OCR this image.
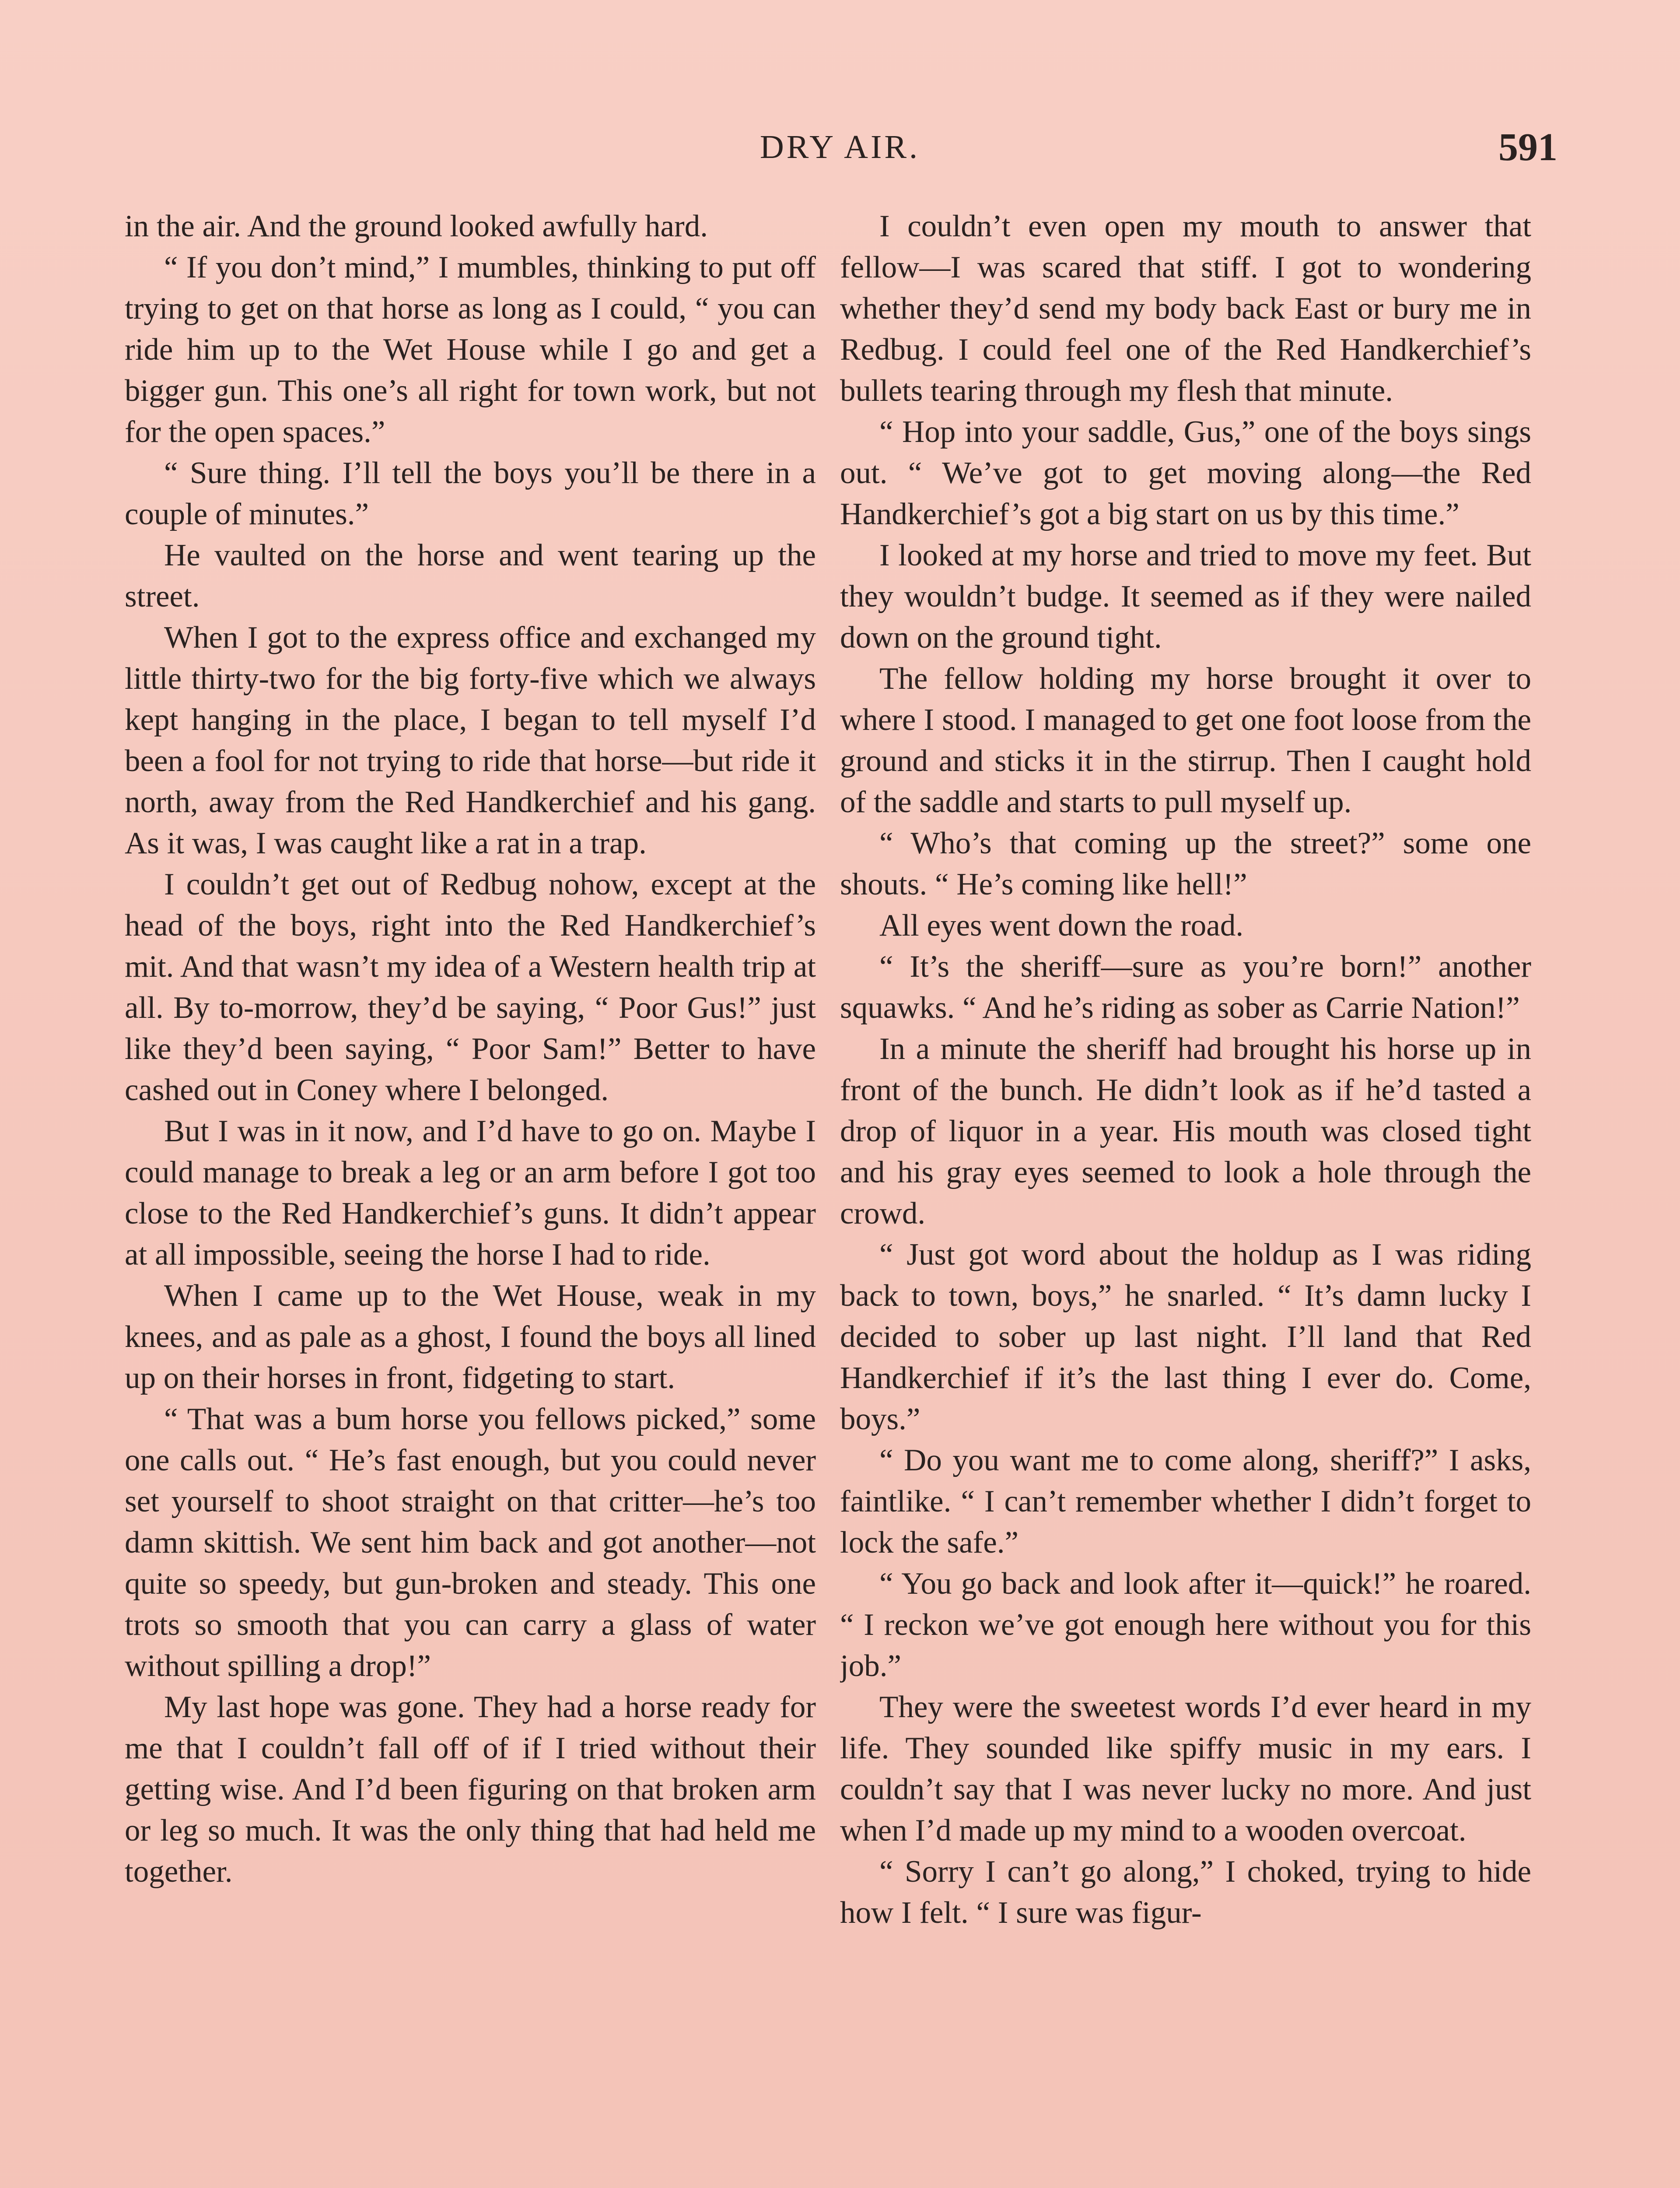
DRY AIR.	591

in the air. And the ground looked awfully hard.

“ If you don’t mind,” I mumbles, thinking to put off trying to get on that horse as long as I could, “ you can ride him up to the Wet House while I go and get a bigger gun. This one’s all right for town work, but not for the open spaces.”

“ Sure thing. I’ll tell the boys you’ll be there in a couple of minutes.”

He vaulted on the horse and went tearing up the street.

When I got to the express office and exchanged my little thirty-two for the big forty-five which we always kept hanging in the place, I began to tell myself I’d been a fool for not trying to ride that horse—but ride it north, away from the Red Handkerchief and his gang. As it was, I was caught like a rat in a trap.

I couldn’t get out of Redbug nohow, except at the head of the boys, right into the Red Handkerchief’s mit. And that wasn’t my idea of a Western health trip at all. By to-morrow, they’d be saying, “ Poor Gus!” just like they’d been saying, “ Poor Sam!” Better to have cashed out in Coney where I belonged.

But I was in it now, and I’d have to go on. Maybe I could manage to break a leg or an arm before I got too close to the Red Handkerchief’s guns. It didn’t appear at all impossible, seeing the horse I had to ride.

When I came up to the Wet House, weak in my knees, and as pale as a ghost, I found the boys all lined up on their horses in front, fidgeting to start.

“ That was a bum horse you fellows picked,” some one calls out. “ He’s fast enough, but you could never set yourself to shoot straight on that critter—he’s too damn skittish. We sent him back and got another—not quite so speedy, but gun-broken and steady. This one trots so smooth that you can carry a glass of water without spilling a drop!”

My last hope was gone. They had a horse ready for me that I couldn’t fall off of if I tried without their getting wise. And I’d been figuring on that broken arm or leg so much. It was the only thing that had held me together.

I couldn’t even open my mouth to answer that fellow—I was scared that stiff. I got to wondering whether they’d send my body back East or bury me in Redbug. I could feel one of the Red Handkerchief’s bullets tearing through my flesh that minute.

“ Hop into your saddle, Gus,” one of the boys sings out. “ We’ve got to get moving along—the Red Handkerchief’s got a big start on us by this time.”

I looked at my horse and tried to move my feet. But they wouldn’t budge. It seemed as if they were nailed down on the ground tight.

The fellow holding my horse brought it over to where I stood. I managed to get one foot loose from the ground and sticks it in the stirrup. Then I caught hold of the saddle and starts to pull myself up.

“ Who’s that coming up the street?” some one shouts. “ He’s coming like hell!”

All eyes went down the road.

“ It’s the sheriff—sure as you’re born!” another squawks. “ And he’s riding as sober as Carrie Nation!”

In a minute the sheriff had brought his horse up in front of the bunch. He didn’t look as if he’d tasted a drop of liquor in a year. His mouth was closed tight and his gray eyes seemed to look a hole through the crowd.

“ Just got word about the holdup as I was riding back to town, boys,” he snarled. “ It’s damn lucky I decided to sober up last night. I’ll land that Red Handkerchief if it’s the last thing I ever do. Come, boys.”

“ Do you want me to come along, sheriff?” I asks, faintlike. “ I can’t remember whether I didn’t forget to lock the safe.”

“ You go back and look after it—quick!” he roared. “ I reckon we’ve got enough here without you for this job.”

They were the sweetest words I’d ever heard in my life. They sounded like spiffy music in my ears. I couldn’t say that I was never lucky no more. And just when I’d made up my mind to a wooden overcoat.

“ Sorry I can’t go along,” I choked, trying to hide how I felt. “ I sure was figur-
